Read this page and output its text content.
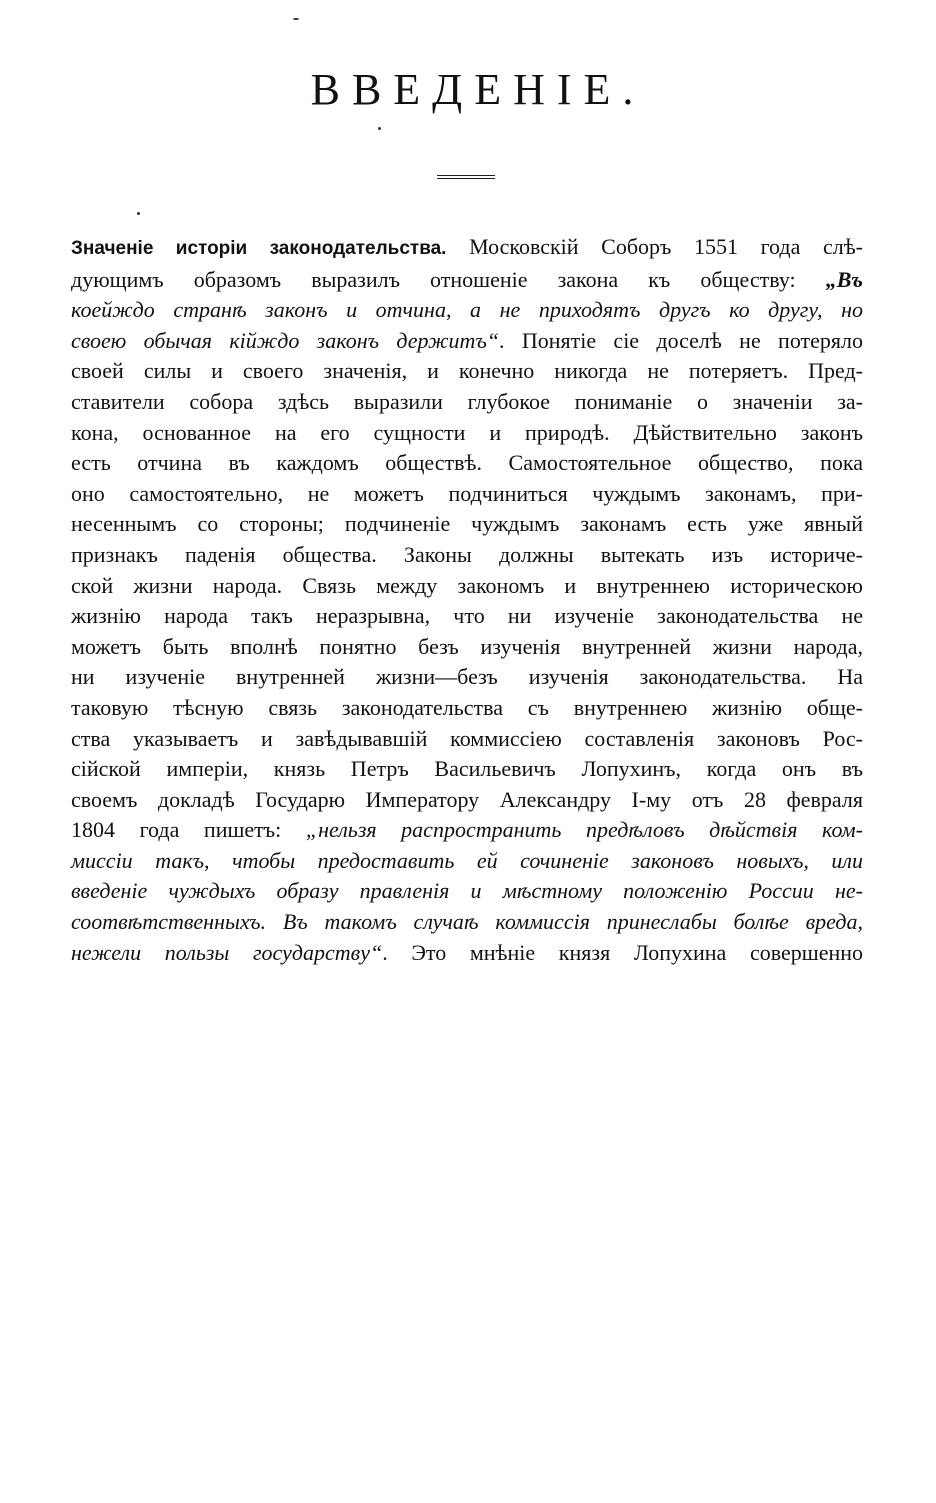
ВВЕДЕНІЕ.
Значеніе исторіи законодательства. Московскій Соборъ 1551 года слѣ-
дующимъ образомъ выразилъ отношеніе закона къ обществу: „Въ
коейждо странѣ законъ и отчина, а не приходятъ другъ ко другу, но
своею обычая кійждо законъ держитъ“. Понятіе сіе доселѣ не потеряло
своей силы и своего значенія, и конечно никогда не потеряетъ. Пред-
ставители собора здѣсь выразили глубокое пониманіе о значеніи за-
кона, основанное на его сущности и природѣ. Дѣйствительно законъ
есть отчина въ каждомъ обществѣ. Самостоятельное общество, пока
оно самостоятельно, не можетъ подчиниться чуждымъ законамъ, при-
несеннымъ со стороны; подчиненіе чуждымъ законамъ есть уже явный
признакъ паденія общества. Законы должны вытекать изъ историче-
ской жизни народа. Связь между закономъ и внутреннею историческою
жизнію народа такъ неразрывна, что ни изученіе законодательства не
можетъ быть вполнѣ понятно безъ изученія внутренней жизни народа,
ни изученіе внутренней жизни—безъ изученія законодательства. На
таковую тѣсную связь законодательства съ внутреннею жизнію обще-
ства указываетъ и завѣдывавшій коммиссіею составленія законовъ Рос-
сійской имперіи, князь Петръ Васильевичъ Лопухинъ, когда онъ въ
своемъ докладѣ Государю Императору Александру I-му отъ 28 февраля
1804 года пишетъ: „нельзя распространить предѣловъ дѣйствія ком-
миссіи такъ, чтобы предоставить ей сочиненіе законовъ новыхъ, или
введеніе чуждыхъ образу правленія и мѣстному положенію России не-
соотвѣтственныхъ. Въ такомъ случаѣ коммиссія принеслабы болѣе вреда,
нежели пользы государству“. Это мнѣніе князя Лопухина совершенно
